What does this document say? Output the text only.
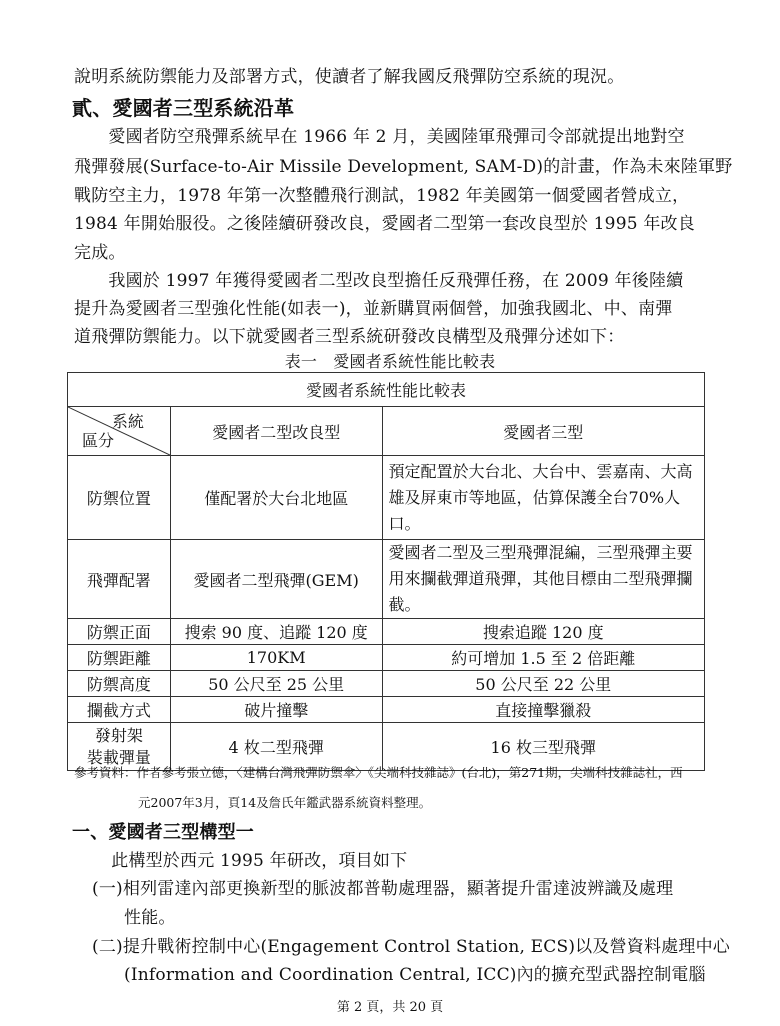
說明系統防禦能力及部署方式，使讀者了解我國反飛彈防空系統的現況。
貳、愛國者三型系統沿革
　　愛國者防空飛彈系統早在 1966 年 2 月，美國陸軍飛彈司令部就提出地對空
飛彈發展(Surface-to-Air Missile Development, SAM-D)的計畫，作為未來陸軍野
戰防空主力，1978 年第一次整體飛行測試，1982 年美國第一個愛國者營成立，
1984 年開始服役。之後陸續研發改良，愛國者二型第一套改良型於 1995 年改良
完成。
　　我國於 1997 年獲得愛國者二型改良型擔任反飛彈任務，在 2009 年後陸續
提升為愛國者三型強化性能(如表一)，並新購買兩個營，加強我國北、中、南彈
道飛彈防禦能力。以下就愛國者三型系統研發改良構型及飛彈分述如下：
表一　愛國者系統性能比較表
愛國者系統性能比較表		

系統
區分	愛國者二型改良型	愛國者三型
防禦位置	僅配署於大台北地區	預定配置於大台北、大台中、雲嘉南、大高雄及屏東市等地區，估算保護全台70%人口。
飛彈配署	愛國者二型飛彈(GEM)	愛國者二型及三型飛彈混編，三型飛彈主要用來攔截彈道飛彈，其他目標由二型飛彈攔截。
防禦正面	搜索 90 度、追蹤 120 度	搜索追蹤 120 度
防禦距離	170KM	約可增加 1.5 至 2 倍距離
防禦高度	50 公尺至 25 公里	50 公尺至 22 公里
攔截方式	破片撞擊	直接撞擊獵殺
發射架
裝載彈量	4 枚二型飛彈	16 枚三型飛彈
參考資料：作者參考張立德，〈建構台灣飛彈防禦傘〉《尖端科技雜誌》(台北)，第271期，尖端科技雜誌社，西
元2007年3月，頁14及詹氏年鑑武器系統資料整理。
一、愛國者三型構型一
　此構型於西元 1995 年研改，項目如下
(一)相列雷達內部更換新型的脈波都普勒處理器，顯著提升雷達波辨識及處理
性能。
(二)提升戰術控制中心(Engagement Control Station, ECS)以及營資料處理中心
(Information and Coordination Central, ICC)內的擴充型武器控制電腦
第 2 頁，共 20 頁
